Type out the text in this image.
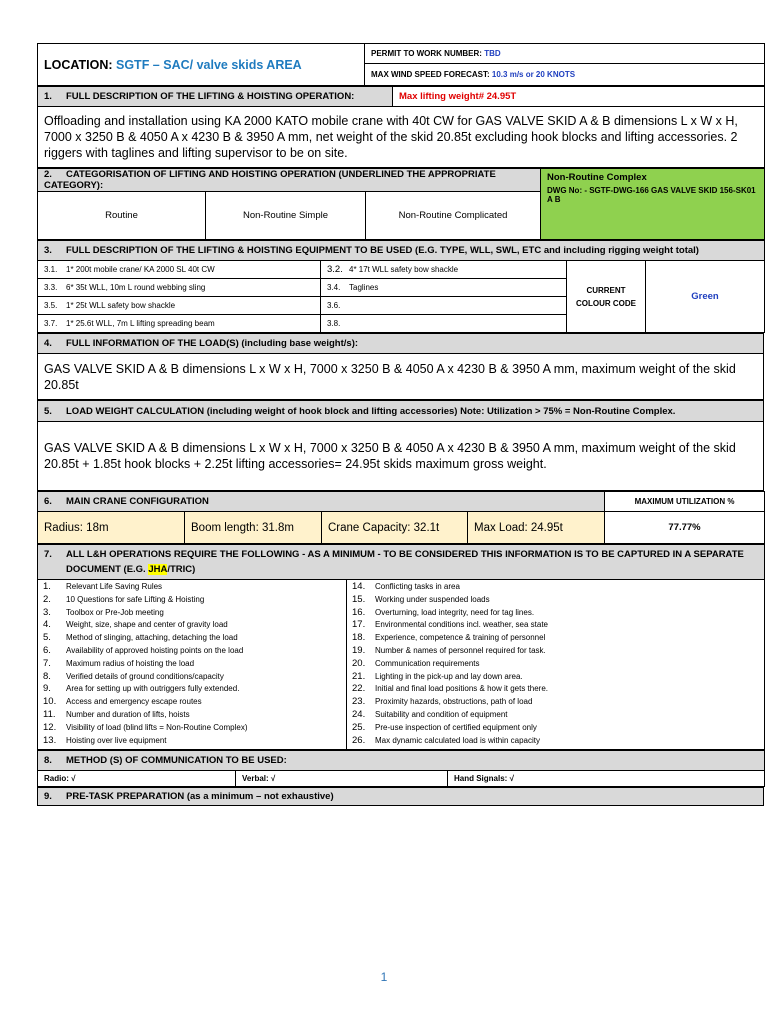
LOCATION: SGTF – SAC/ valve skids AREA	PERMIT TO WORK NUMBER: TBD
MAX WIND SPEED FORECAST: 10.3 m/s or 20 KNOTS
1. FULL DESCRIPTION OF THE LIFTING & HOISTING OPERATION:	Max lifting weight# 24.95T
Offloading and installation using KA 2000 KATO mobile crane with 40t CW for GAS VALVE SKID A & B dimensions L x W x H, 7000 x 3250 B & 4050 A x 4230 B & 3950 A mm, net weight of the skid 20.85t excluding hook blocks and lifting accessories. 2 riggers with taglines and lifting supervisor to be on site.
2. CATEGORISATION OF LIFTING AND HOISTING OPERATION (UNDERLINED THE APPROPRIATE CATEGORY):			Non-Routine Complex
DWG No: - SGTF-DWG-166 GAS VALVE SKID 156-SK01 A B

Routine	Non-Routine Simple	Non-Routine Complicated	
3. FULL DESCRIPTION OF THE LIFTING & HOISTING EQUIPMENT TO BE USED (E.G. TYPE, WLL, SWL, ETC and including rigging weight total)			
3.1. 1* 200t mobile crane/ KA 2000 SL 40t CW	3.2. 4* 17t WLL safety bow shackle	CURRENT COLOUR CODE	Green
3.3. 6* 35t WLL, 10m L round webbing sling	3.4. Taglines		
3.5. 1* 25t WLL safety bow shackle	3.6.		
3.7. 1* 25.6t WLL, 7m L lifting spreading beam	3.8.		
4. FULL INFORMATION OF THE LOAD(S) (including base weight/s):
GAS VALVE SKID A & B dimensions L x W x H, 7000 x 3250 B & 4050 A x 4230 B & 3950 A mm, maximum weight of the skid 20.85t
5. LOAD WEIGHT CALCULATION (including weight of hook block and lifting accessories) Note: Utilization > 75% = Non-Routine Complex.
GAS VALVE SKID A & B dimensions L x W x H, 7000 x 3250 B & 4050 A x 4230 B & 3950 A mm, maximum weight of the skid 20.85t + 1.85t hook blocks + 2.25t lifting accessories= 24.95t skids maximum gross weight.
6. MAIN CRANE CONFIGURATION				MAXIMUM UTILIZATION %
Radius: 18m	Boom length: 31.8m	Crane Capacity: 32.1t	Max Load: 24.95t	77.77%
7.	ALL L&H OPERATIONS REQUIRE THE FOLLOWING - AS A MINIMUM - TO BE CONSIDERED THIS INFORMATION IS TO BE CAPTURED IN A SEPARATE DOCUMENT (E.G. JHA/TRIC)

1.	Relevant Life Saving Rules
2.	10 Questions for safe Lifting & Hoisting
3.	Toolbox or Pre-Job meeting
4.	Weight, size, shape and center of gravity load
5.	Method of slinging, attaching, detaching the load
6.	Availability of approved hoisting points on the load
7.	Maximum radius of hoisting the load
8.	Verified details of ground conditions/capacity
9.	Area for setting up with outriggers fully extended.
10.	Access and emergency escape routes
11.	Number and duration of lifts, hoists
12.	Visibility of load (blind lifts = Non-Routine Complex)
13.	Hoisting over live equipment

14.	Conflicting tasks in area
15.	Working under suspended loads
16.	Overturning, load integrity, need for tag lines.
17.	Environmental conditions incl. weather, sea state
18.	Experience, competence & training of personnel
19.	Number & names of personnel required for task.
20.	Communication requirements
21.	Lighting in the pick-up and lay down area.
22.	Initial and final load positions & how it gets there.
23.	Proximity hazards, obstructions, path of load
24.	Suitability and condition of equipment
25.	Pre-use inspection of certified equipment only
26.	Max dynamic calculated load is within capacity
8. METHOD (S) OF COMMUNICATION TO BE USED:
Radio: √	Verbal: √	Hand Signals: √
9. PRE-TASK PREPARATION (as a minimum – not exhaustive)
1
